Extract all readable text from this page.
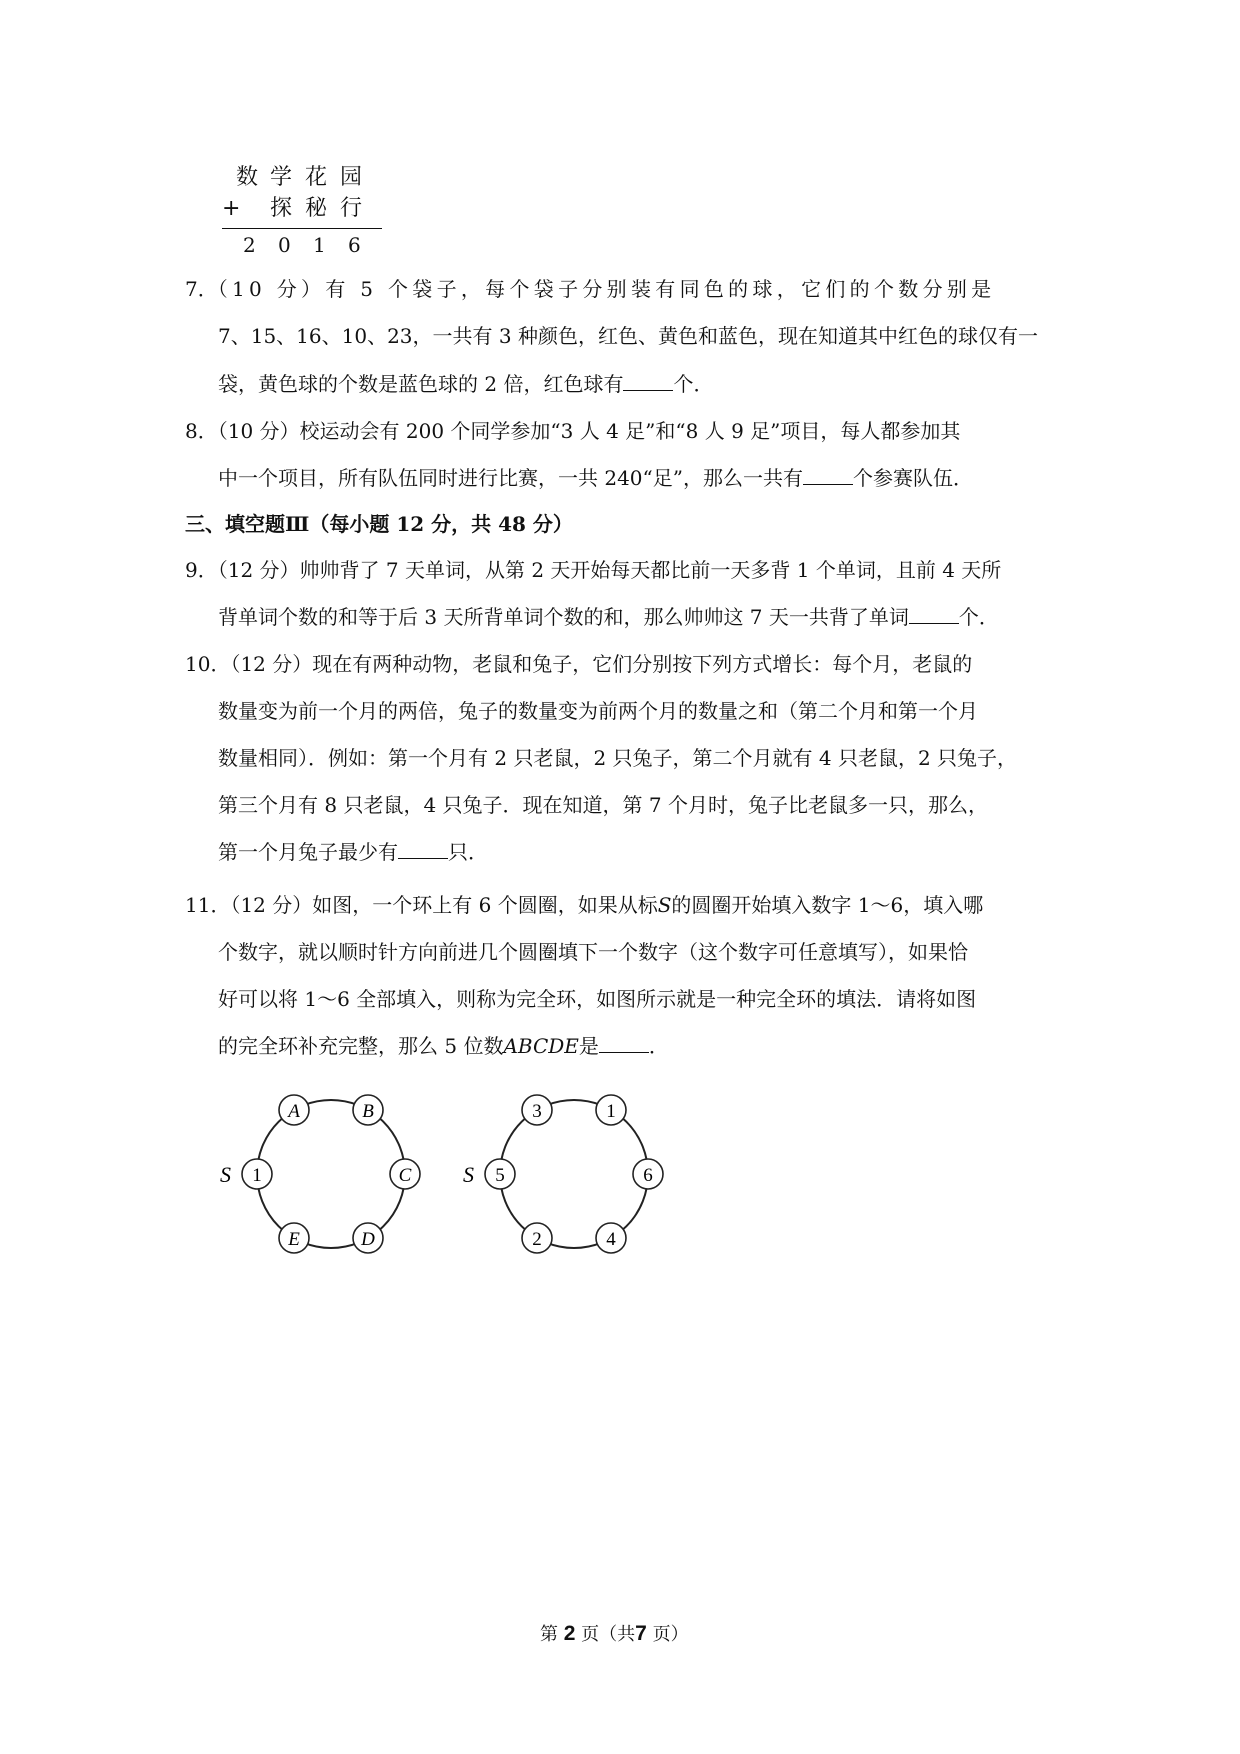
数 学 花 园
+ 探 秘 行
2 0 1 6
7．（10 分）有 5 个袋子，每个袋子分别装有同色的球，它们的个数分别是
7、15、16、10、23，一共有 3 种颜色，红色、黄色和蓝色，现在知道其中红色的球仅有一
袋，黄色球的个数是蓝色球的 2 倍，红色球有	个．
8．（10 分）校运动会有 200 个同学参加“3 人 4 足”和“8 人 9 足”项目，每人都参加其
中一个项目，所有队伍同时进行比赛，一共 240“足”，那么一共有	个参赛队伍．
三、填空题Ⅲ（每小题 12 分，共 48 分）
9．（12 分）帅帅背了 7 天单词，从第 2 天开始每天都比前一天多背 1 个单词，且前 4 天所
背单词个数的和等于后 3 天所背单词个数的和，那么帅帅这 7 天一共背了单词	个．
10．（12 分）现在有两种动物，老鼠和兔子，它们分别按下列方式增长：每个月，老鼠的
数量变为前一个月的两倍，兔子的数量变为前两个月的数量之和（第二个月和第一个月
数量相同）．例如：第一个月有 2 只老鼠，2 只兔子，第二个月就有 4 只老鼠，2 只兔子，
第三个月有 8 只老鼠，4 只兔子．现在知道，第 7 个月时，兔子比老鼠多一只，那么，
第一个月兔子最少有	只．
11．（12 分）如图，一个环上有 6 个圆圈，如果从标S的圆圈开始填入数字 1～6，填入哪
个数字，就以顺时针方向前进几个圆圈填下一个数字（这个数字可任意填写），如果恰
好可以将 1～6 全部填入，则称为完全环，如图所示就是一种完全环的填法．请将如图
的完全环补充完整，那么 5 位数ABCDE是	．
S 1
A	B
C
D
E
S 5
3	1
6
4
2
第 2 页（共7 页）
